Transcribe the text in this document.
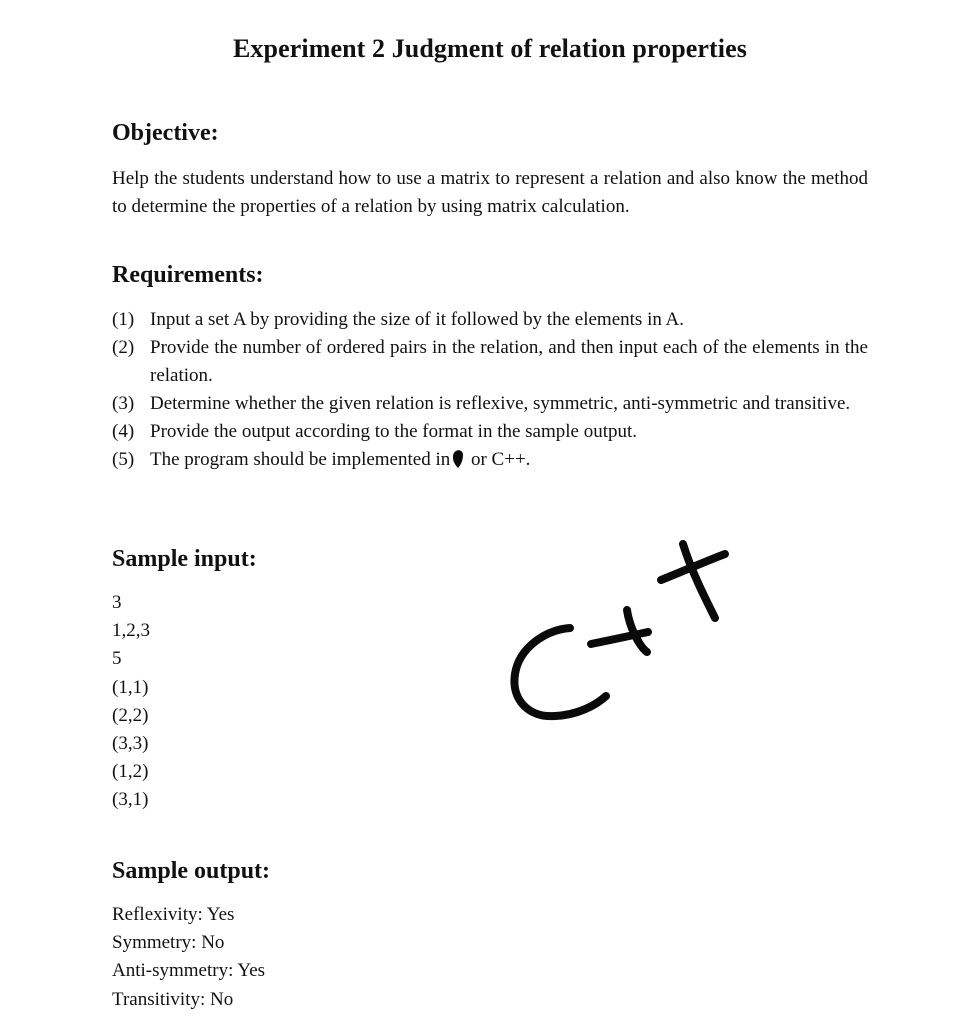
Experiment 2 Judgment of relation properties
Objective:
Help the students understand how to use a matrix to represent a relation and also know the method to determine the properties of a relation by using matrix calculation.
Requirements:
(1) Input a set A by providing the size of it followed by the elements in A.
(2) Provide the number of ordered pairs in the relation, and then input each of the elements in the relation.
(3) Determine whether the given relation is reflexive, symmetric, anti-symmetric and transitive.
(4) Provide the output according to the format in the sample output.
(5) The program should be implemented in or C++.
Sample input:
3
1,2,3
5
(1,1)
(2,2)
(3,3)
(1,2)
(3,1)
Sample output:
Reflexivity: Yes
Symmetry: No
Anti-symmetry: Yes
Transitivity: No
